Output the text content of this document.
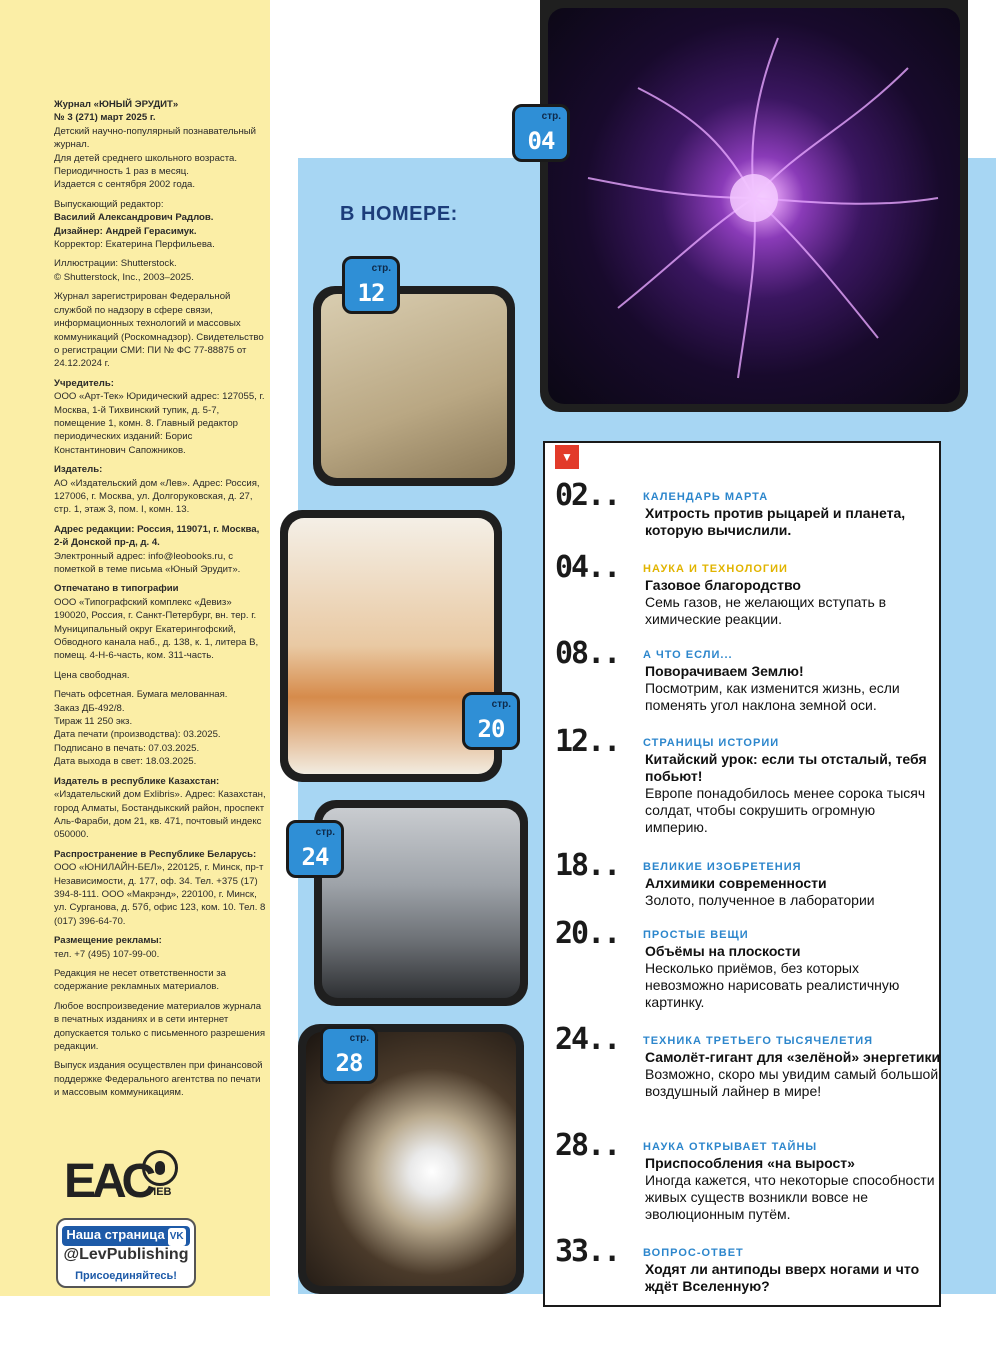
Журнал «ЮНЫЙ ЭРУДИТ»
№ 3 (271) март 2025 г.
Детский научно-популярный познавательный журнал.
Для детей среднего школьного возраста.
Периодичность 1 раз в месяц.
Издается с сентября 2002 года.

Выпускающий редактор:
Василий Александрович Радлов.
Дизайнер: Андрей Герасимук.
Корректор: Екатерина Перфильева.

Иллюстрации: Shutterstock.
© Shutterstock, Inc., 2003–2025.

Журнал зарегистрирован Федеральной службой по надзору в сфере связи, информационных технологий и массовых коммуникаций (Роскомнадзор). Свидетельство о регистрации СМИ: ПИ № ФС 77-88875 от 24.12.2024 г.

Учредитель:
ООО «Арт-Тек» Юридический адрес: 127055, г. Москва, 1-й Тихвинский тупик, д. 5-7, помещение 1, комн. 8. Главный редактор периодических изданий: Борис Константинович Сапожников.

Издатель:
АО «Издательский дом «Лев». Адрес: Россия, 127006, г. Москва, ул. Долгоруковская, д. 27, стр. 1, этаж 3, пом. I, комн. 13.

Адрес редакции: Россия, 119071, г. Москва, 2-й Донской пр-д, д. 4.
Электронный адрес: info@leobooks.ru, с пометкой в теме письма «Юный Эрудит».

Отпечатано в типографии
ООО «Типографский комплекс «Девиз» 190020, Россия, г. Санкт-Петербург, вн. тер. г. Муниципальный округ Екатерингофский, Обводного канала наб., д. 138, к. 1, литера В, помещ. 4-Н-6-часть, ком. 311-часть.

Цена свободная.

Печать офсетная. Бумага мелованная.
Заказ ДБ-492/8.
Тираж 11 250 экз.
Дата печати (производства): 03.2025.
Подписано в печать: 07.03.2025.
Дата выхода в свет: 18.03.2025.

Издатель в республике Казахстан:
«Издательский дом Exlibris». Адрес: Казахстан, город Алматы, Бостандыкский район, проспект Аль-Фараби, дом 21, кв. 471, почтовый индекс 050000.

Распространение в Республике Беларусь:
ООО «ЮНИЛАЙН-БЕЛ», 220125, г. Минск, пр-т Независимости, д. 177, оф. 34. Тел. +375 (17) 394-8-111. ООО «Макрэнд», 220100, г. Минск, ул. Сурганова, д. 57б, офис 123, ком. 10. Тел. 8 (017) 396-64-70.

Размещение рекламы:
тел. +7 (495) 107-99-00.

Редакция не несет ответственности за содержание рекламных материалов.

Любое воспроизведение материалов журнала в печатных изданиях и в сети интернет допускается только с письменного разрешения редакции.

Выпуск издания осуществлен при финансовой поддержке Федерального агентства по печати и массовым коммуникациям.

ЕАС
ЛЕВ
Наша страница VK
@LevPublishing
Присоединяйтесь!
В НОМЕРЕ:
стр.
04
стр.
12
стр.
20
стр.
24
стр.
28
▼
02.. КАЛЕНДАРЬ МАРТА
Хитрость против рыцарей и планета, которую вычислили.
04.. НАУКА И ТЕХНОЛОГИИ
Газовое благородство
Семь газов, не желающих вступать в химические реакции.
08.. А ЧТО ЕСЛИ...
Поворачиваем Землю!
Посмотрим, как изменится жизнь, если поменять угол наклона земной оси.
12.. СТРАНИЦЫ ИСТОРИИ
Китайский урок: если ты отсталый, тебя побьют!
Европе понадобилось менее сорока тысяч солдат, чтобы сокрушить огромную империю.
18.. ВЕЛИКИЕ ИЗОБРЕТЕНИЯ
Алхимики современности
Золото, полученное в лаборатории
20.. ПРОСТЫЕ ВЕЩИ
Объёмы на плоскости
Несколько приёмов, без которых невозможно нарисовать реалистичную картинку.
24.. ТЕХНИКА ТРЕТЬЕГО ТЫСЯЧЕЛЕТИЯ
Самолёт-гигант для «зелёной» энергетики
Возможно, скоро мы увидим самый большой воздушный лайнер в мире!
28.. НАУКА ОТКРЫВАЕТ ТАЙНЫ
Приспособления «на вырост»
Иногда кажется, что некоторые способности живых существ возникли вовсе не эволюционным путём.
33.. ВОПРОС-ОТВЕТ
Ходят ли антиподы вверх ногами и что ждёт Вселенную?
